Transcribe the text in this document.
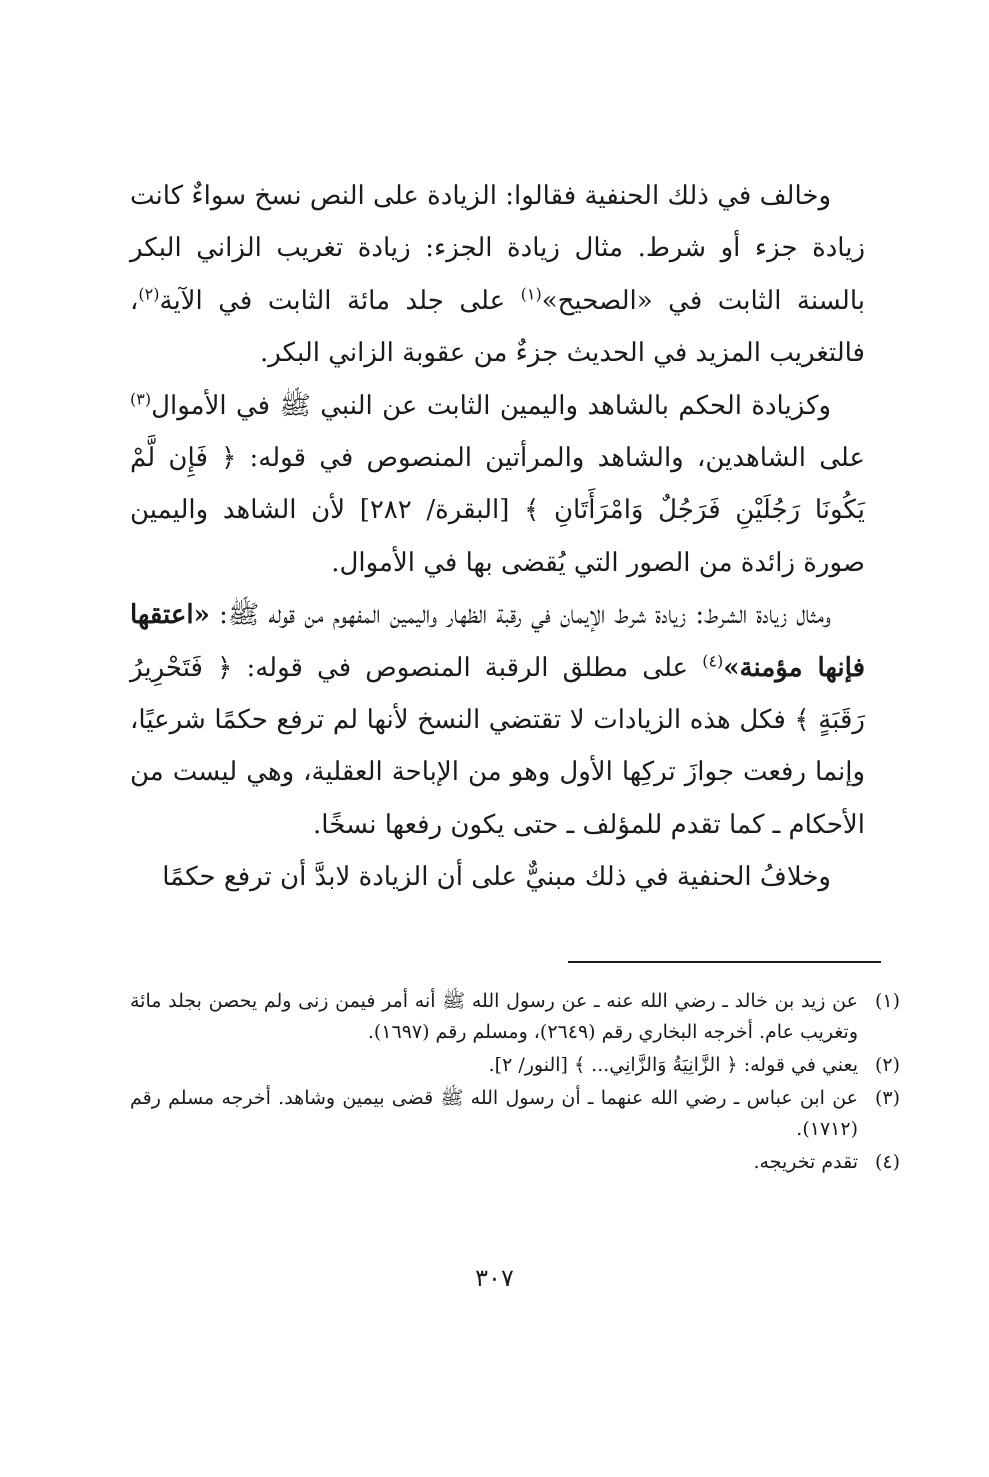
وخالف في ذلك الحنفية فقالوا: الزيادة على النص نسخ سواءٌ كانت زيادة جزء أو شرط. مثال زيادة الجزء: زيادة تغريب الزاني البكر بالسنة الثابت في «الصحيح»$^{(١)}$ على جلد مائة الثابت في الآية$^{(٢)}$، فالتغريب المزيد في الحديث جزءٌ من عقوبة الزاني البكر.

وكزيادة الحكم بالشاهد واليمين الثابت عن النبي ﷺ في الأموال$^{(٣)}$ على الشاهدين، والشاهد والمرأتين المنصوص في قوله: ﴿ فَإِن لَّمْ يَكُونَا رَجُلَيْنِ فَرَجُلٌ وَامْرَأَتَانِ ﴾ [البقرة/ ٢٨٢] لأن الشاهد واليمين صورة زائدة من الصور التي يُقضى بها في الأموال.

ومثال زيادة الشرط: زيادة شرط الإيمان في رقبة الظهار واليمين المفهوم من قوله ﷺ: «اعتقها فإنها مؤمنة»$^{(٤)}$ على مطلق الرقبة المنصوص في قوله: ﴿ فَتَحْرِيرُ رَقَبَةٍ ﴾ فكل هذه الزيادات لا تقتضي النسخ لأنها لم ترفع حكمًا شرعيًا، وإنما رفعت جوازَ تركِها الأول وهو من الإباحة العقلية، وهي ليست من الأحكام ـ كما تقدم للمؤلف ـ حتى يكون رفعها نسخًا.

وخلافُ الحنفية في ذلك مبنيٌّ على أن الزيادة لابدَّ أن ترفع حكمًا

(١)
عن زيد بن خالد ـ رضي الله عنه ـ عن رسول الله ﷺ أنه أمر فيمن زنى ولم يحصن بجلد مائة وتغريب عام. أخرجه البخاري رقم (٢٦٤٩)، ومسلم رقم (١٦٩٧).
(٢)
يعني في قوله: ﴿ الزَّانِيَةُ وَالزَّانِي... ﴾ [النور/ ٢].
(٣)
عن ابن عباس ـ رضي الله عنهما ـ أن رسول الله ﷺ قضى بيمين وشاهد. أخرجه مسلم رقم (١٧١٢).
(٤)
تقدم تخريجه.
٣٠٧
